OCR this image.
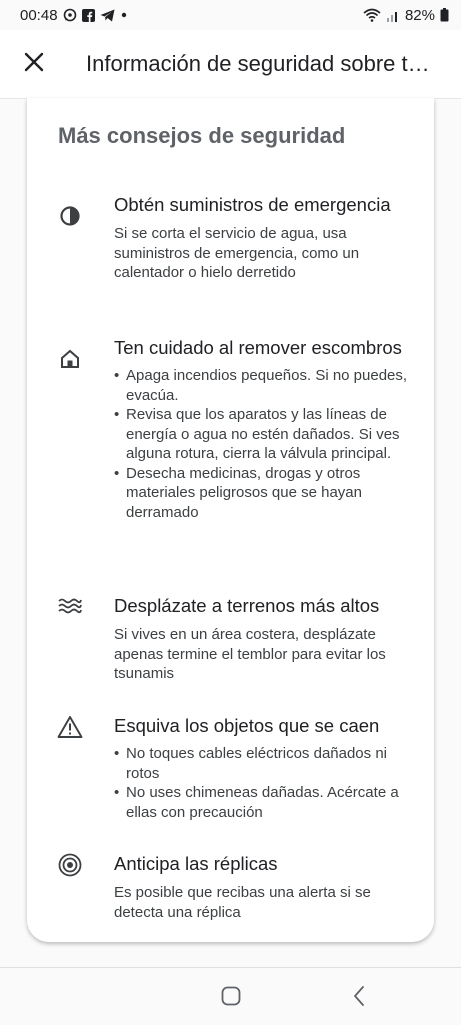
00:48	82%
Información de seguridad sobre t…
Más consejos de seguridad
Obtén suministros de emergencia
Si se corta el servicio de agua, usa suministros de emergencia, como un calentador o hielo derretido
Ten cuidado al remover escombros
• Apaga incendios pequeños. Si no puedes, evacúa.
• Revisa que los aparatos y las líneas de energía o agua no estén dañados. Si ves alguna rotura, cierra la válvula principal.
• Desecha medicinas, drogas y otros materiales peligrosos que se hayan derramado
Desplázate a terrenos más altos
Si vives en un área costera, desplázate apenas termine el temblor para evitar los tsunamis
Esquiva los objetos que se caen
• No toques cables eléctricos dañados ni rotos
• No uses chimeneas dañadas. Acércate a ellas con precaución
Anticipa las réplicas
Es posible que recibas una alerta si se detecta una réplica
